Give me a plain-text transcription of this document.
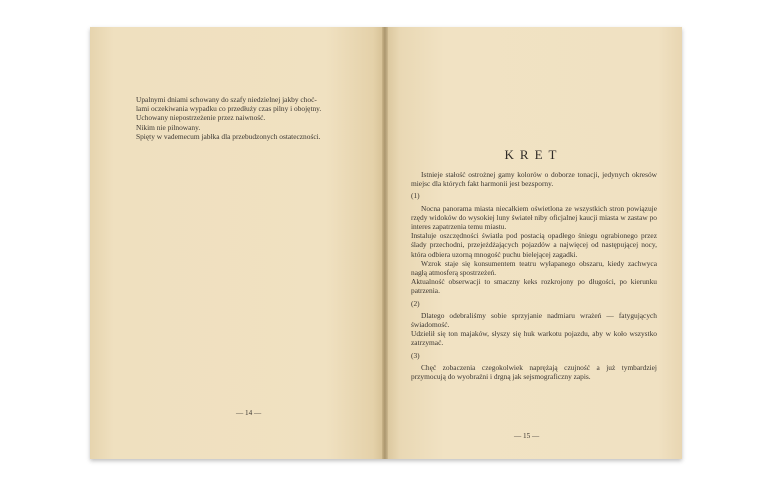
Upalnymi dniami schowany do szafy niedzielnej jakby choć-
lami oczekiwania wypadku co przedłuży czas pilny i obojętny.
Uchowany niepostrzeżenie przez naiwność.
Nikim nie pilnowany.
Spięty w vademecum jabłka dla przebudzonych ostateczności.
— 14 —
KRET

Istnieje stałość ostrożnej gamy kolorów o doborze tonacji, jedynych okresów miejsc dla których fakt harmonii jest bezsporny.

(1)

Nocna panorama miasta niecałkiem oświetlona ze wszystkich stron powiązuje rzędy widoków do wysokiej luny świateł niby oficjalnej kaucji miasta w zastaw po interes zapatrzenia temu miastu.

Instaluje oszczędności światła pod postacią opadłego śniegu ograbionego przez ślady przechodni, przejeżdżających pojazdów a najwięcej od następującej nocy, która odbiera uzorną mnogość puchu bielejącej zagadki.

Wzrok staje się konsumentem teatru wyłapanego obszaru, kiedy zachwyca nagłą atmosferą spostrzeżeń.

Aktualność obserwacji to smaczny keks rozkrojony po długości, po kierunku patrzenia.

(2)

Dlatego odebraliśmy sobie sprzyjanie nadmiaru wrażeń — fatygujących świadomość.

Udzielił się ton majaków, słyszy się huk warkotu pojazdu, aby w koło wszystko zatrzymać.

(3)

Chęć zobaczenia czegokolwiek naprężają czujność a już tymbardziej przymocują do wyobraźni i drgną jak sejsmograficzny zapis.

— 15 —
